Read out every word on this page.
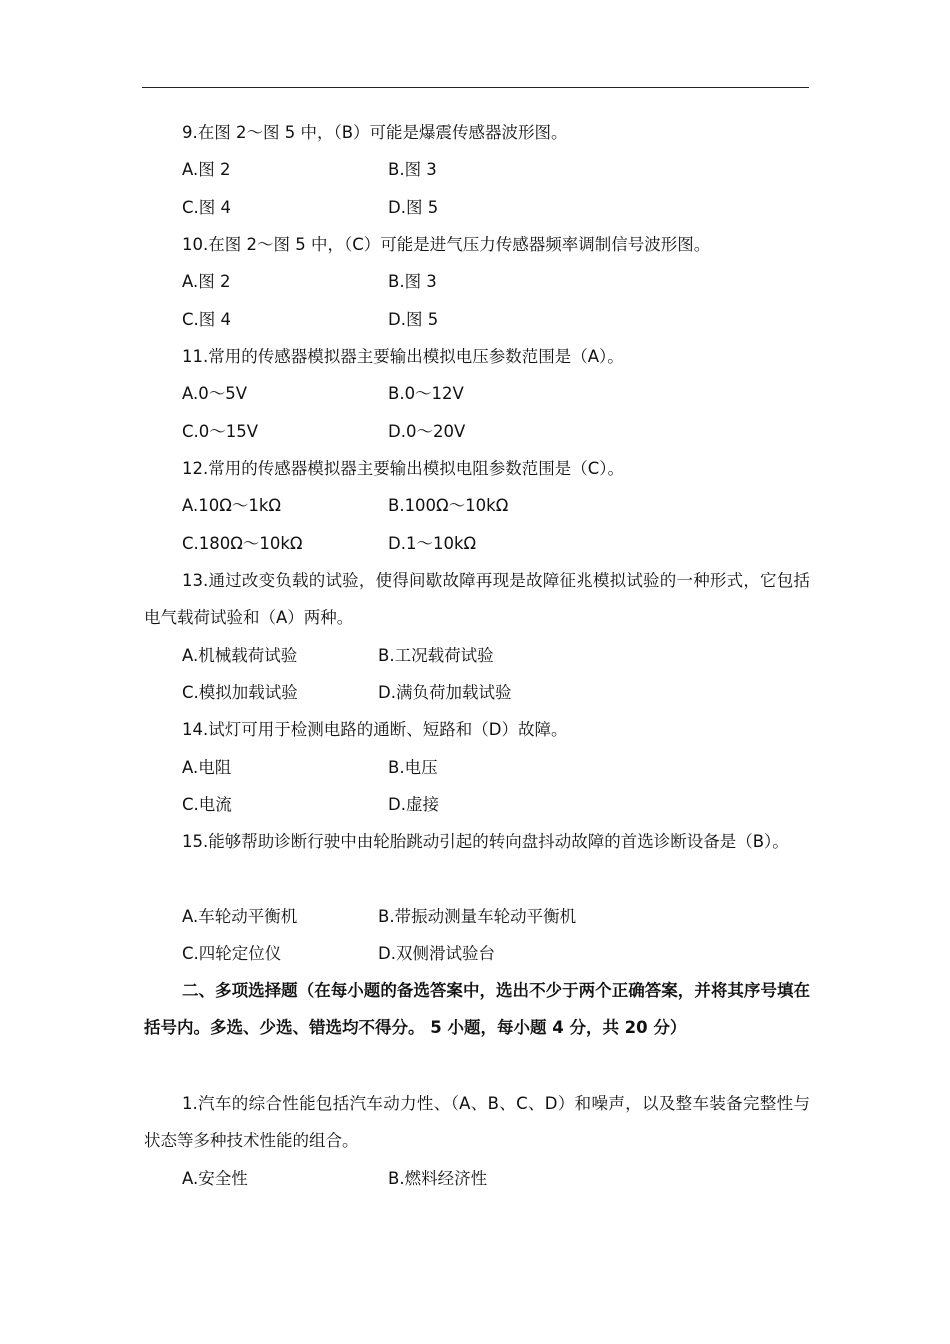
9.在图 2～图 5 中，（B）可能是爆震传感器波形图。
A.图 2	B.图 3
C.图 4	D.图 5
10.在图 2～图 5 中，（C）可能是进气压力传感器频率调制信号波形图。
A.图 2	B.图 3
C.图 4	D.图 5
11.常用的传感器模拟器主要输出模拟电压参数范围是（A）。
A.0～5V	B.0～12V
C.0～15V	D.0～20V
12.常用的传感器模拟器主要输出模拟电阻参数范围是（C）。
A.10Ω～1kΩ	B.100Ω～10kΩ
C.180Ω～10kΩ	D.1～10kΩ
13.通过改变负载的试验，使得间歇故障再现是故障征兆模拟试验的一种形式，它包括电气载荷试验和（A）两种。
A.机械载荷试验	B.工况载荷试验
C.模拟加载试验	D.满负荷加载试验
14.试灯可用于检测电路的通断、短路和（D）故障。
A.电阻	B.电压
C.电流	D.虚接
15.能够帮助诊断行驶中由轮胎跳动引起的转向盘抖动故障的首选诊断设备是（B）。
A.车轮动平衡机	B.带振动测量车轮动平衡机
C.四轮定位仪	D.双侧滑试验台
二、多项选择题（在每小题的备选答案中，选出不少于两个正确答案，并将其序号填在括号内。多选、少选、错选均不得分。 5 小题，每小题 4 分，共 20 分）
1.汽车的综合性能包括汽车动力性、（A、B、C、D）和噪声，以及整车装备完整性与状态等多种技术性能的组合。
A.安全性	B.燃料经济性
